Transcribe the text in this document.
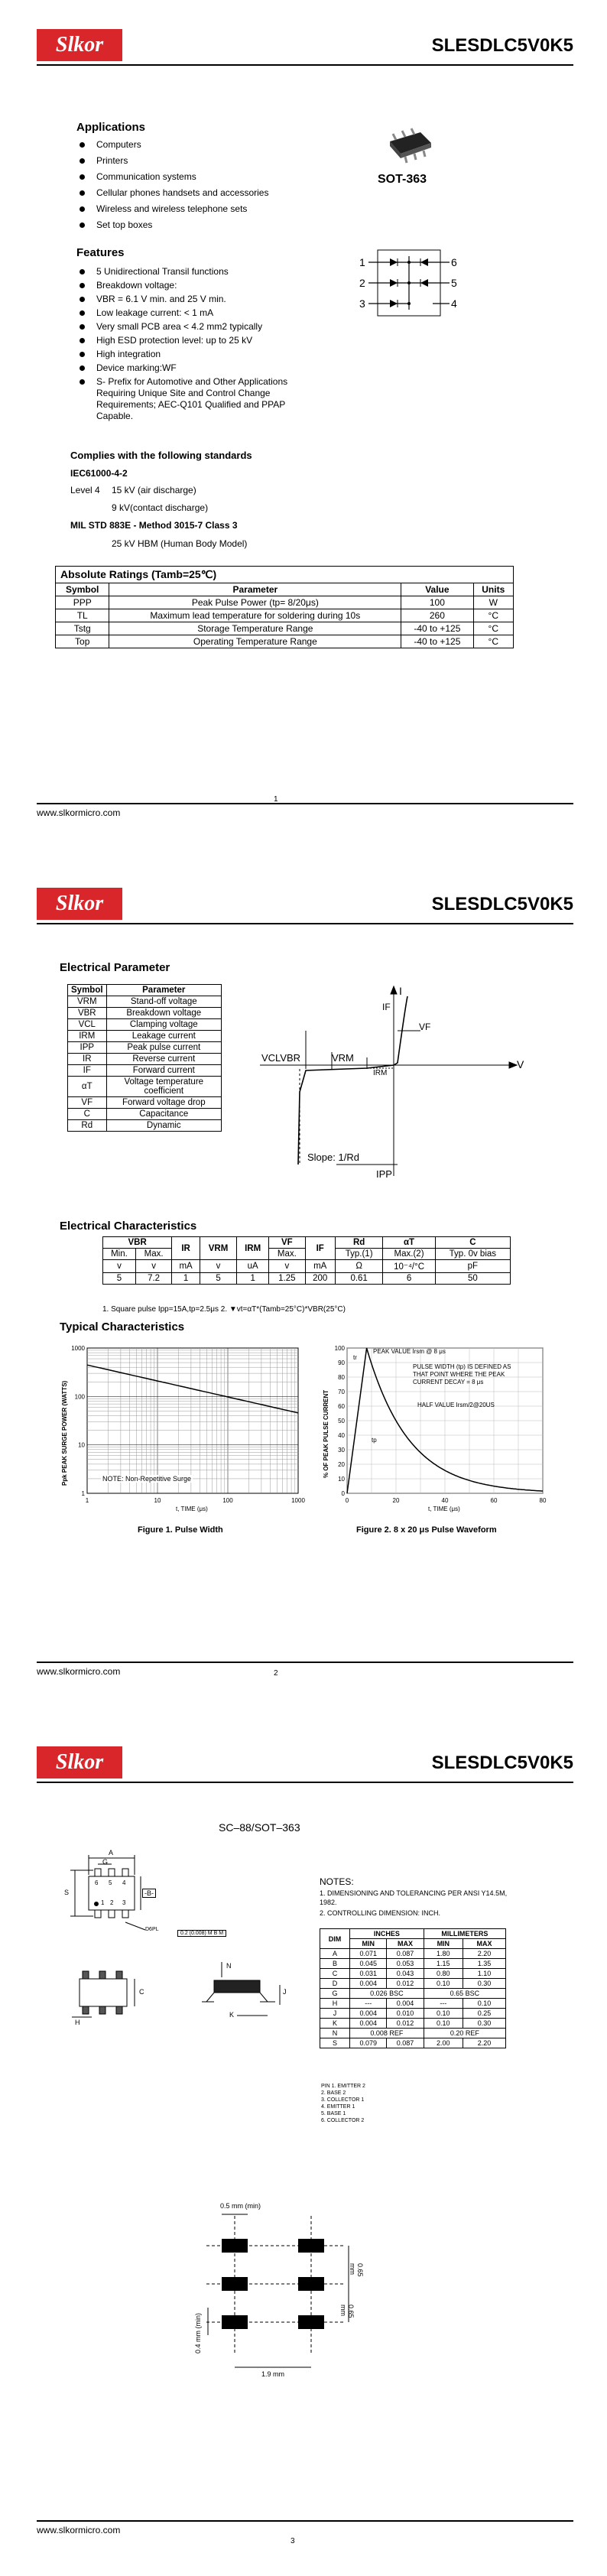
Slkor	SLESDLC5V0K5
Applications
Computers
Printers
Communication systems
Cellular phones handsets and accessories
Wireless and wireless telephone sets
Set top boxes
SOT-363
Features
5 Unidirectional Transil functions
Breakdown voltage:
VBR = 6.1 V min. and 25 V min.
Low leakage current: < 1 mA
Very small PCB area < 4.2 mm2 typically
High ESD protection level: up to 25 kV
High integration
Device marking:WF
S- Prefix for Automotive and Other Applications Requiring Unique Site and Control Change Requirements; AEC-Q101 Qualified and PPAP Capable.
1
2
3
6
5
4
Complies with the following standards
IEC61000-4-2
Level 4 15 kV (air discharge)
9 kV(contact discharge)
MIL STD 883E - Method 3015-7 Class 3
25 kV HBM (Human Body Model)
Absolute Ratings (Tamb=25℃)
Symbol	Parameter	Value	Units
PPP	Peak Pulse Power (tp= 8/20μs)	100	W
TL	Maximum lead temperature for soldering during 10s	260	°C
Tstg	Storage Temperature Range	-40 to +125	°C
Top	Operating Temperature Range	-40 to +125	°C
www.slkormicro.com
1
Slkor	SLESDLC5V0K5
Electrical Parameter
Symbol	Parameter
VRM	Stand-off voltage
VBR	Breakdown voltage
VCL	Clamping voltage
IRM	Leakage current
IPP	Peak pulse current
IR	Reverse current
IF	Forward current
αT	Voltage temperature coefficient
VF	Forward voltage drop
C	Capacitance
Rd	Dynamic
I
IF
VF
V
VCLVBR	VRM
IRM
IPP
Slope: 1/Rd
Electrical Characteristics
VBR		IR	VRM	IRM	VF	IF	Rd	αT	C
Min.	Max.				Max.		Typ.(1)	Max.(2)	Typ. 0v bias
v	v	mA	v	uA	v	mA	Ω	10⁻⁴/°C	pF
5	7.2	1	5	1	1.25	200	0.61	6	50
1. Square pulse Ipp=15A,tp=2.5μs 2. ▼vt=αT*(Tamb=25°C)*VBR(25°C)
Typical Characteristics
1	10	100	1000
1000
100
10
1
Ppk PEAK SURGE POWER (WATTS)
t, TIME (μs)
NOTE: Non-Repetitive Surge
Figure 1. Pulse Width
0	20	40	60	80
100
90
80
70
60
50
40
30
20
10
0
% OF PEAK PULSE CURRENT
t, TIME (μs)
PEAK VALUE Irsm @ 8 μs
PULSE WIDTH (tp) IS DEFINED AS THAT POINT WHERE THE PEAK CURRENT DECAY = 8 μs
HALF VALUE Irsm/2@20US
tr
tp
Figure 2. 8 x 20 μs Pulse Waveform
www.slkormicro.com	2
Slkor	SLESDLC5V0K5
SC–88/SOT–363
NOTES:
1. DIMENSIONING AND TOLERANCING PER ANSI Y14.5M, 1982.
2. CONTROLLING DIMENSION: INCH.
DIM	INCHES		MILLIMETERS	
	MIN	MAX	MIN	MAX
A	0.071	0.087	1.80	2.20
B	0.045	0.053	1.15	1.35
C	0.031	0.043	0.80	1.10
D	0.004	0.012	0.10	0.30
G	0.026 BSC		0.65 BSC	
H	---	0.004	---	0.10
J	0.004	0.010	0.10	0.25
K	0.004	0.012	0.10	0.30
N	0.008 REF		0.20 REF	
S	0.079	0.087	2.00	2.20
PIN 1. EMITTER 2
2. BASE 2
3. COLLECTOR 1
4. EMITTER 1
5. BASE 1
6. COLLECTOR 2
A
G
S	-B-
D6PL
6 5 4
1 2 3
0.2 (0.008) M B M
C
H
N
J
K
0.5 mm (min)
0.65 mm
0.65 mm
0.4 mm (min)
1.9 mm
www.slkormicro.com
3
